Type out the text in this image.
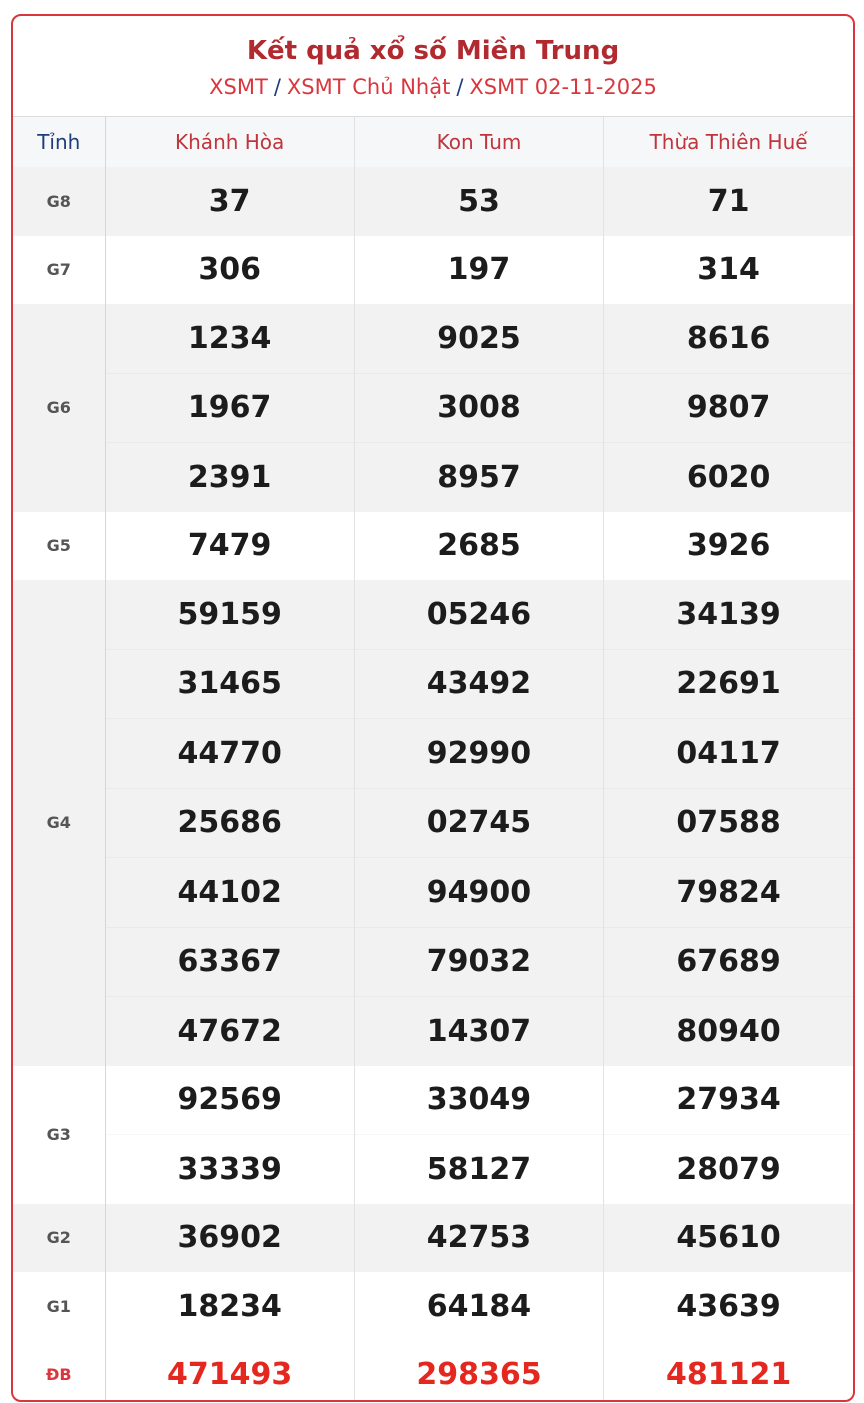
Kết quả xổ số Miền Trung
XSMT / XSMT Chủ Nhật / XSMT 02-11-2025
Tỉnh	Khánh Hòa	Kon Tum	Thừa Thiên Huế
G8	37	53	71
G7	306	197	314
G6	1234	9025	8616
	1967	3008	9807
	2391	8957	6020
G5	7479	2685	3926
G4	59159	05246	34139
	31465	43492	22691
	44770	92990	04117
	25686	02745	07588
	44102	94900	79824
	63367	79032	67689
	47672	14307	80940
G3	92569	33049	27934
	33339	58127	28079
G2	36902	42753	45610
G1	18234	64184	43639
ĐB	471493	298365	481121
